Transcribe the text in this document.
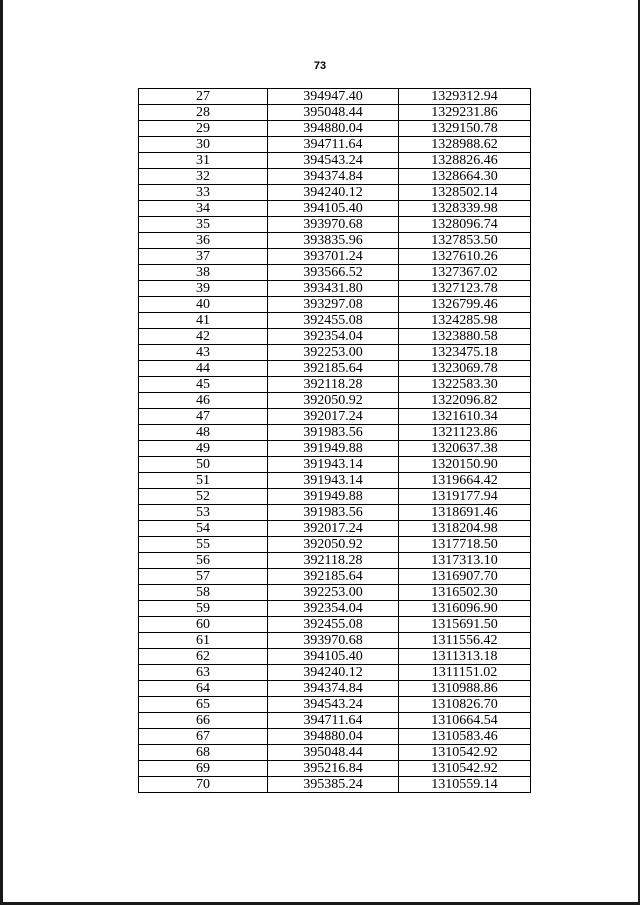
73
27	394947.40	1329312.94
28	395048.44	1329231.86
29	394880.04	1329150.78
30	394711.64	1328988.62
31	394543.24	1328826.46
32	394374.84	1328664.30
33	394240.12	1328502.14
34	394105.40	1328339.98
35	393970.68	1328096.74
36	393835.96	1327853.50
37	393701.24	1327610.26
38	393566.52	1327367.02
39	393431.80	1327123.78
40	393297.08	1326799.46
41	392455.08	1324285.98
42	392354.04	1323880.58
43	392253.00	1323475.18
44	392185.64	1323069.78
45	392118.28	1322583.30
46	392050.92	1322096.82
47	392017.24	1321610.34
48	391983.56	1321123.86
49	391949.88	1320637.38
50	391943.14	1320150.90
51	391943.14	1319664.42
52	391949.88	1319177.94
53	391983.56	1318691.46
54	392017.24	1318204.98
55	392050.92	1317718.50
56	392118.28	1317313.10
57	392185.64	1316907.70
58	392253.00	1316502.30
59	392354.04	1316096.90
60	392455.08	1315691.50
61	393970.68	1311556.42
62	394105.40	1311313.18
63	394240.12	1311151.02
64	394374.84	1310988.86
65	394543.24	1310826.70
66	394711.64	1310664.54
67	394880.04	1310583.46
68	395048.44	1310542.92
69	395216.84	1310542.92
70	395385.24	1310559.14
